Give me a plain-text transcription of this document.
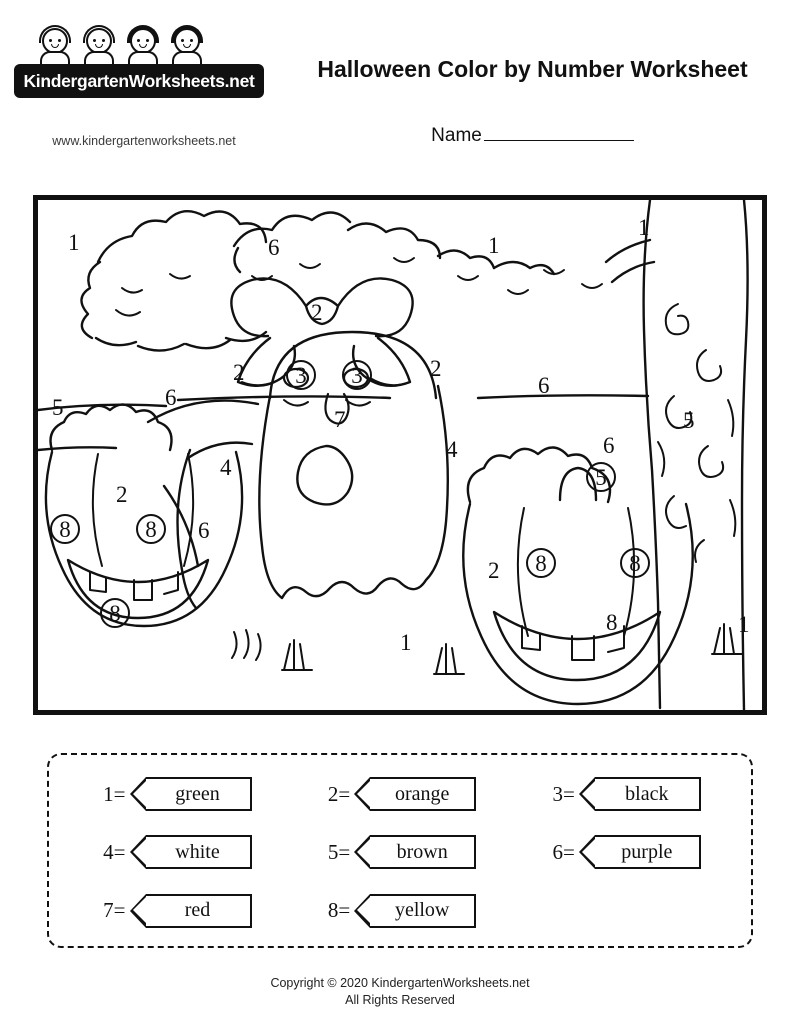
KindergartenWorksheets.net
www.kindergartenworksheets.net
Halloween Color by Number Worksheet
Name
1	6	1
1
2
2	3	3	2
6
5	6
7	5
4
4	6
2
6
5
8	8
2	8	8
8	8
1
1
1= green	2= orange	3=	black
4= white	5= brown	6= purple
7=	red	8= yellow
Copyright © 2020 KindergartenWorksheets.net
All Rights Reserved
